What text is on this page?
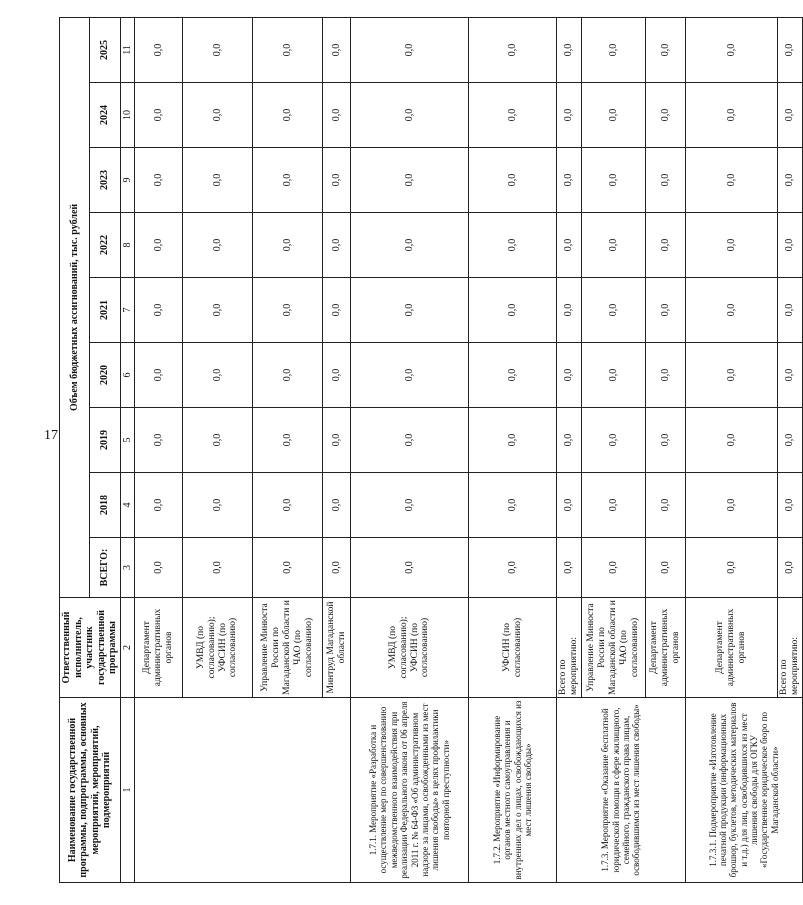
17
Наименование государственной программы, подпрограммы, основных мероприятий, мероприятий, подмероприятий	Ответственный исполнитель, участник государственной программы	Объем бюджетных ассигнований, тыс. рублей								
		ВСЕГО:	2018	2019	2020	2021	2022	2023	2024	2025
1	2	3	4	5	6	7	8	9	10	11
	Департамент административных органов	0,0	0,0	0,0	0,0	0,0	0,0	0,0	0,0	0,0
	УМВД (по согласованию); УФСИН (по согласованию)	0,0	0,0	0,0	0,0	0,0	0,0	0,0	0,0	0,0
	Управление Минюста России по Магаданской области и ЧАО (по согласованию)	0,0	0,0	0,0	0,0	0,0	0,0	0,0	0,0	0,0
	Минтруд Магаданской области	0,0	0,0	0,0	0,0	0,0	0,0	0,0	0,0	0,0
1.7.1. Мероприятие «Разработка и осуществление мер по совершенствованию межведомственного взаимодействия при реализации Федерального закона от 06 апреля 2011 г. № 64-ФЗ «Об административном надзоре за лицами, освобожденными из мест лишения свободы» в целях профилактики повторной преступности»	УМВД (по согласованию); УФСИН (по согласованию)	0,0	0,0	0,0	0,0	0,0	0,0	0,0	0,0	0,0
1.7.2. Мероприятие «Информирование органов местного самоуправления и внутренних дел о лицах, освобождающихся из мест лишения свободы»	УФСИН (по согласованию)	0,0	0,0	0,0	0,0	0,0	0,0	0,0	0,0	0,0
1.7.3. Мероприятие «Оказание бесплатной юридической помощи в сфере жилищного, семейного, гражданского права лицам, освободившимся из мест лишения свободы»	Всего по мероприятию:	0,0	0,0	0,0	0,0	0,0	0,0	0,0	0,0	0,0
	Управление Минюста России по Магаданской области и ЧАО (по согласованию)	0,0	0,0	0,0	0,0	0,0	0,0	0,0	0,0	0,0
	Департамент административных органов	0,0	0,0	0,0	0,0	0,0	0,0	0,0	0,0	0,0
1.7.3.1. Подмероприятие «Изготовление печатной продукции (информационных брошюр, буклетов, методических материалов и т.д.) для лиц, освободившихся из мест лишения свободы для ОГКУ «Государственное юридическое бюро по Магаданской области»	Департамент административных органов	0,0	0,0	0,0	0,0	0,0	0,0	0,0	0,0	0,0
	Всего по мероприятию:	0,0	0,0	0,0	0,0	0,0	0,0	0,0	0,0	0,0
